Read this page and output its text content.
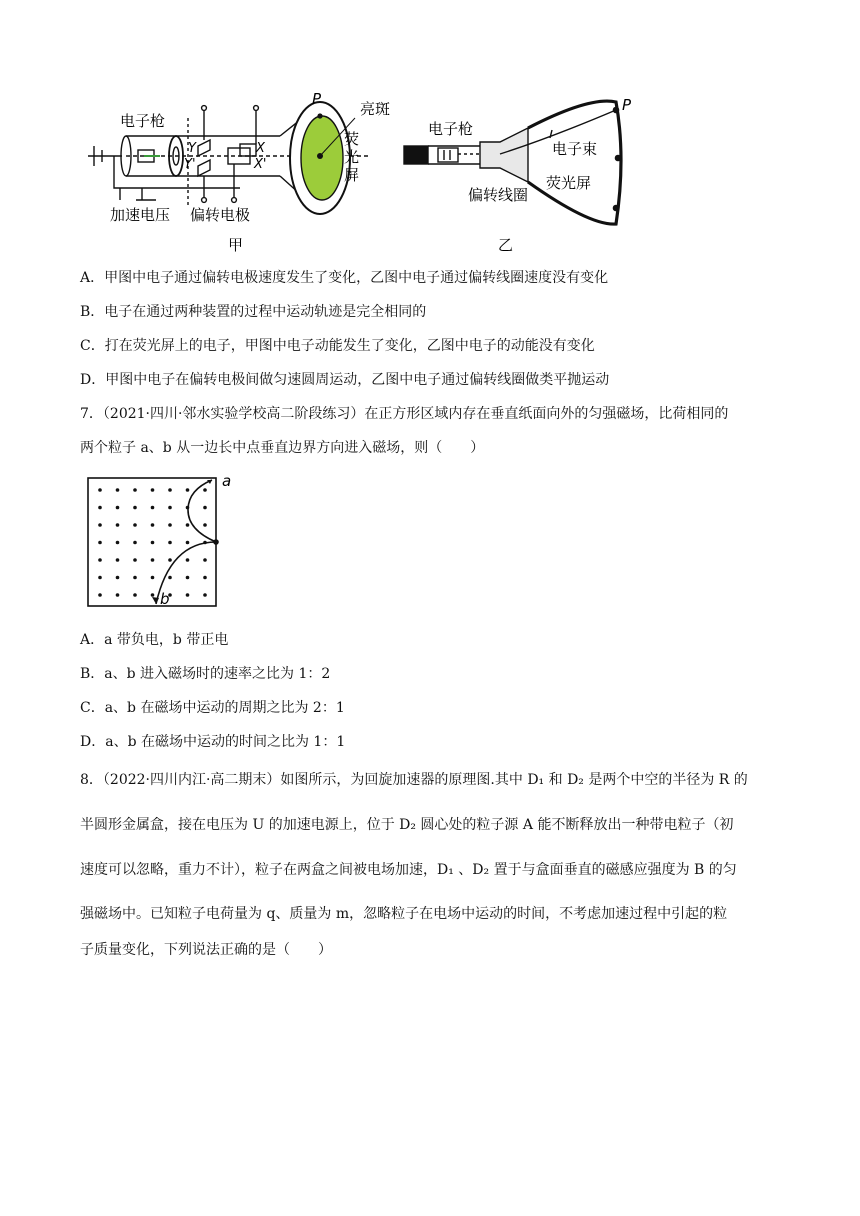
电子枪
P
亮斑
荧
光
屏
Y
Y'
X
X'
加速电压 偏转电极
甲
电子枪
P
电子束
荧光屏
偏转线圈
乙
A．甲图中电子通过偏转电极速度发生了变化，乙图中电子通过偏转线圈速度没有变化
B．电子在通过两种装置的过程中运动轨迹是完全相同的
C．打在荧光屏上的电子，甲图中电子动能发生了变化，乙图中电子的动能没有变化
D．甲图中电子在偏转电极间做匀速圆周运动，乙图中电子通过偏转线圈做类平抛运动
7．（2021·四川·邻水实验学校高二阶段练习）在正方形区域内存在垂直纸面向外的匀强磁场，比荷相同的
两个粒子 a、b 从一边长中点垂直边界方向进入磁场，则（　　）
a
b
A．a 带负电，b 带正电
B．a、b 进入磁场时的速率之比为 1：2
C．a、b 在磁场中运动的周期之比为 2：1
D．a、b 在磁场中运动的时间之比为 1：1
8．（2022·四川内江·高二期末）如图所示，为回旋加速器的原理图.其中 D₁ 和 D₂ 是两个中空的半径为 R 的
半圆形金属盒，接在电压为 U 的加速电源上，位于 D₂ 圆心处的粒子源 A 能不断释放出一种带电粒子（初
速度可以忽略，重力不计），粒子在两盒之间被电场加速，D₁ 、D₂ 置于与盒面垂直的磁感应强度为 B 的匀
强磁场中。已知粒子电荷量为 q、质量为 m，忽略粒子在电场中运动的时间，不考虑加速过程中引起的粒
子质量变化，下列说法正确的是（　　）
